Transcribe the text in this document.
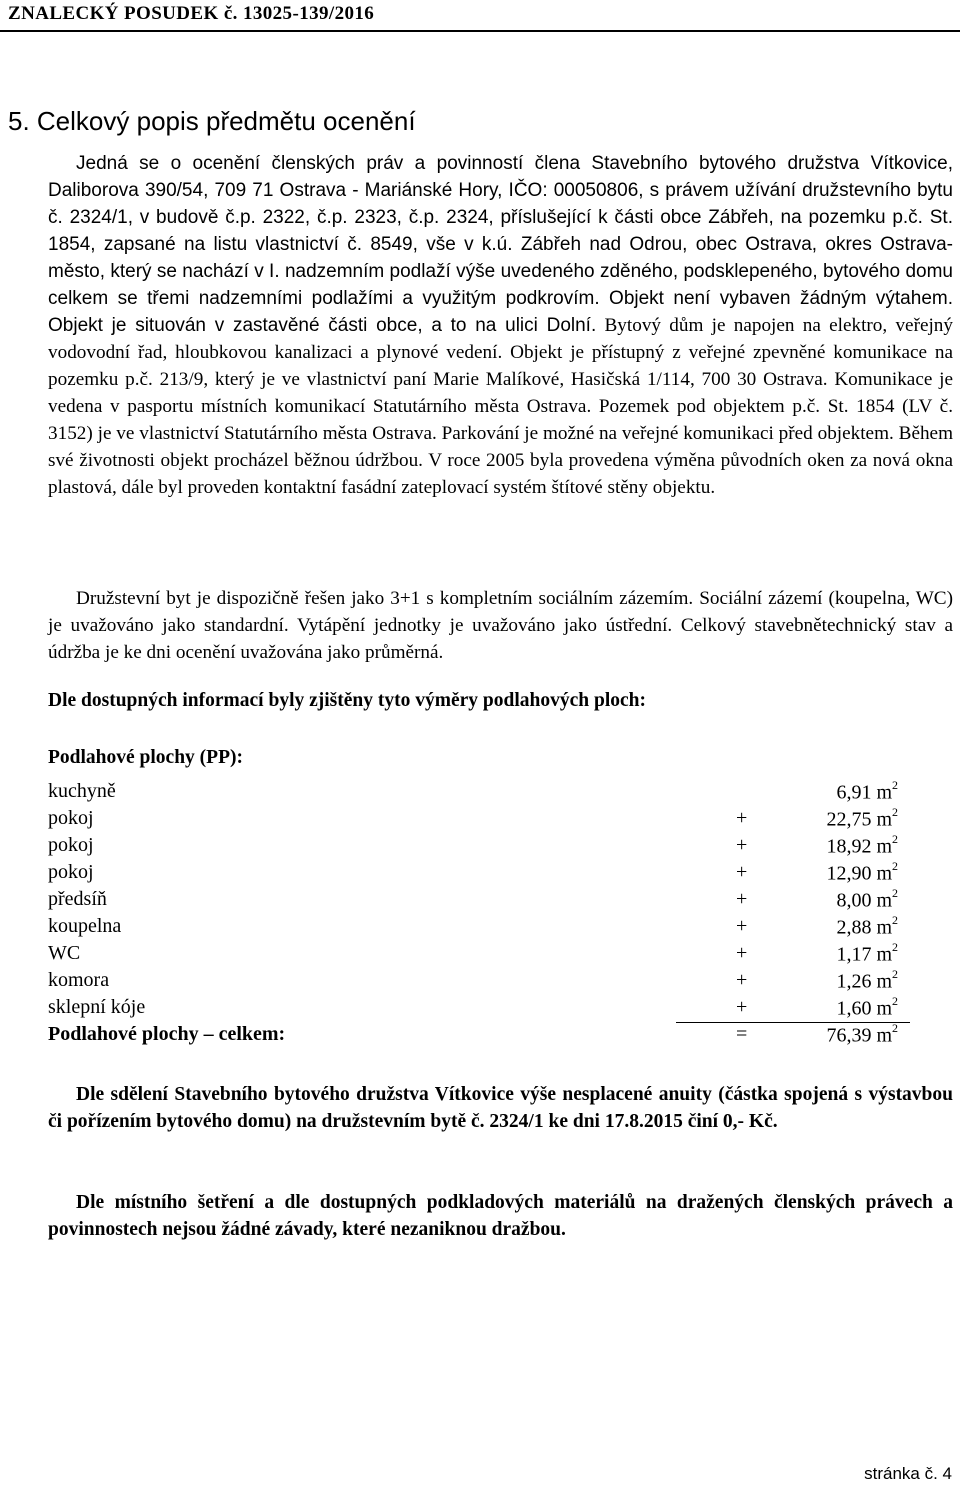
ZNALECKÝ POSUDEK č. 13025-139/2016
5. Celkový popis předmětu ocenění

Jedná se o ocenění členských práv a povinností člena Stavebního bytového družstva Vítkovice, Daliborova 390/54, 709 71 Ostrava - Mariánské Hory, IČO: 00050806, s právem užívání družstevního bytu č. 2324/1, v budově č.p. 2322, č.p. 2323, č.p. 2324, příslušející k části obce Zábřeh, na pozemku p.č. St. 1854, zapsané na listu vlastnictví č. 8549, vše v k.ú. Zábřeh nad Odrou, obec Ostrava, okres Ostrava-město, který se nachází v I. nadzemním podlaží výše uvedeného zděného, podsklepeného, bytového domu celkem se třemi nadzemními podlažími a využitým podkrovím. Objekt není vybaven žádným výtahem. Objekt je situován v zastavěné části obce, a to na ulici Dolní. Bytový dům je napojen na elektro, veřejný vodovodní řad, hloubkovou kanalizaci a plynové vedení. Objekt je přístupný z veřejné zpevněné komunikace na pozemku p.č. 213/9, který je ve vlastnictví paní Marie Malíkové, Hasičská 1/114, 700 30 Ostrava. Komunikace je vedena v pasportu místních komunikací Statutárního města Ostrava. Pozemek pod objektem p.č. St. 1854 (LV č. 3152) je ve vlastnictví Statutárního města Ostrava. Parkování je možné na veřejné komunikaci před objektem. Během své životnosti objekt procházel běžnou údržbou. V roce 2005 byla provedena výměna původních oken za nová okna plastová, dále byl proveden kontaktní fasádní zateplovací systém štítové stěny objektu.

Družstevní byt je dispozičně řešen jako 3+1 s kompletním sociálním zázemím. Sociální zázemí (koupelna, WC) je uvažováno jako standardní. Vytápění jednotky je uvažováno jako ústřední. Celkový stavebnětechnický stav a údržba je ke dni ocenění uvažována jako průměrná.

Dle dostupných informací byly zjištěny tyto výměry podlahových ploch:
Podlahové plochy (PP):
kuchyně	6,91 $m^2$
pokoj	+	22,75 $m^2$
pokoj	+	18,92 $m^2$
pokoj	+	12,90 $m^2$
předsíň	+	8,00 $m^2$
koupelna	+	2,88 $m^2$
WC	+	1,17 $m^2$
komora	+	1,26 $m^2$
sklepní kóje	+	1,60 $m^2$
Podlahové plochy – celkem:	=	76,39 $m^2$

Dle sdělení Stavebního bytového družstva Vítkovice výše nesplacené anuity (částka spojená s výstavbou či pořízením bytového domu) na družstevním bytě č. 2324/1 ke dni 17.8.2015 činí 0,- Kč.

Dle místního šetření a dle dostupných podkladových materiálů na dražených členských právech a povinnostech nejsou žádné závady, které nezaniknou dražbou.

stránka č. 4
